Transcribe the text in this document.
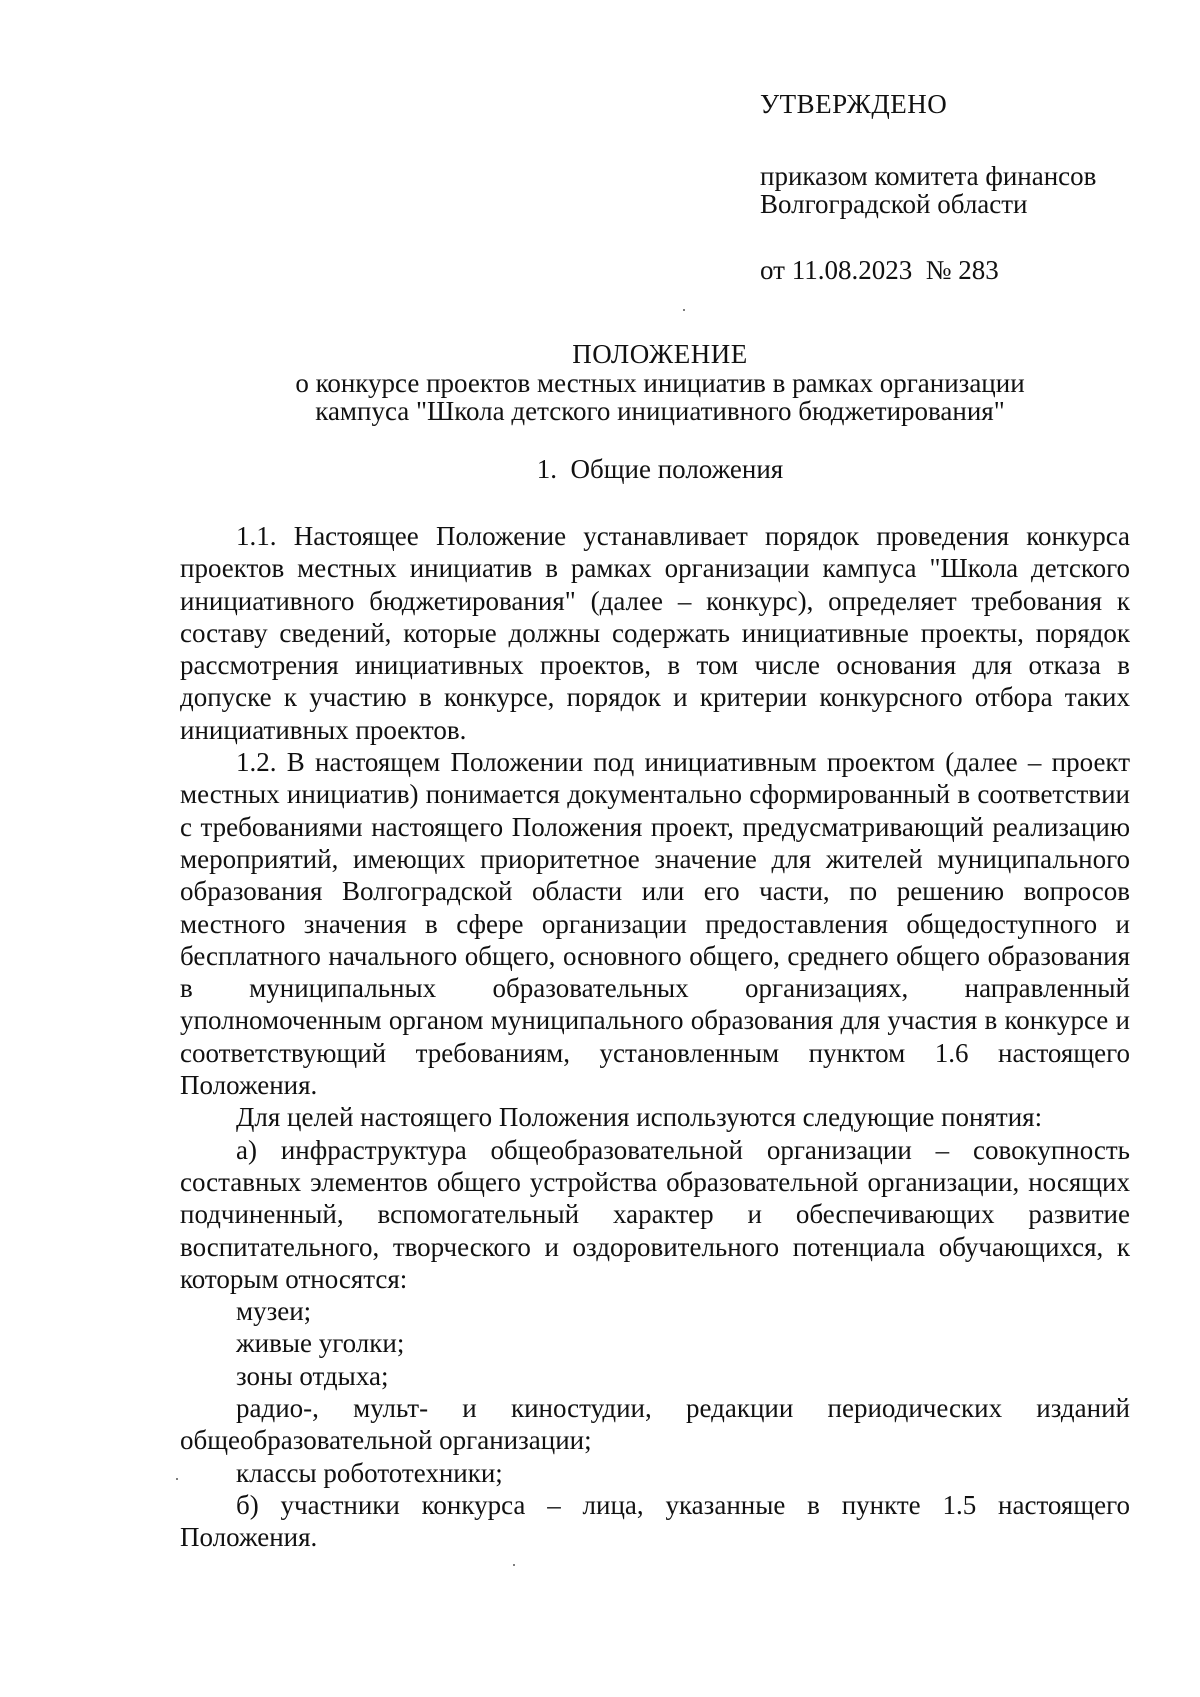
УТВЕРЖДЕНО
приказом комитета финансов
Волгоградской области
от 11.08.2023  № 283
ПОЛОЖЕНИЕ
о конкурсе проектов местных инициатив в рамках организации
кампуса "Школа детского инициативного бюджетирования"
1.  Общие положения

1.1. Настоящее Положение устанавливает порядок проведения конкурса проектов местных инициатив в рамках организации кампуса "Школа детского инициативного бюджетирования" (далее – конкурс), определяет требования к составу сведений, которые должны содержать инициативные проекты, порядок рассмотрения инициативных проектов, в том числе основания для отказа в допуске к участию в конкурсе, порядок и критерии конкурсного отбора таких инициативных проектов.

1.2. В настоящем Положении под инициативным проектом (далее – проект местных инициатив) понимается документально сформированный в соответствии с требованиями настоящего Положения проект, предусматривающий реализацию мероприятий, имеющих приоритетное значение для жителей муниципального образования Волгоградской области или его части, по решению вопросов местного значения в сфере организации предоставления общедоступного и бесплатного начального общего, основного общего, среднего общего образования в муниципальных образовательных организациях, направленный уполномоченным органом муниципального образования для участия в конкурсе и соответствующий требованиям, установленным пунктом 1.6 настоящего Положения.

Для целей настоящего Положения используются следующие понятия:

а) инфраструктура общеобразовательной организации – совокупность составных элементов общего устройства образовательной организации, носящих подчиненный, вспомогательный характер и обеспечивающих развитие воспитательного, творческого и оздоровительного потенциала обучающихся, к которым относятся:

музеи;

живые уголки;

зоны отдыха;

радио-, мульт- и киностудии, редакции периодических изданий общеобразовательной организации;

классы робототехники;

б) участники конкурса – лица, указанные в пункте 1.5 настоящего Положения.
